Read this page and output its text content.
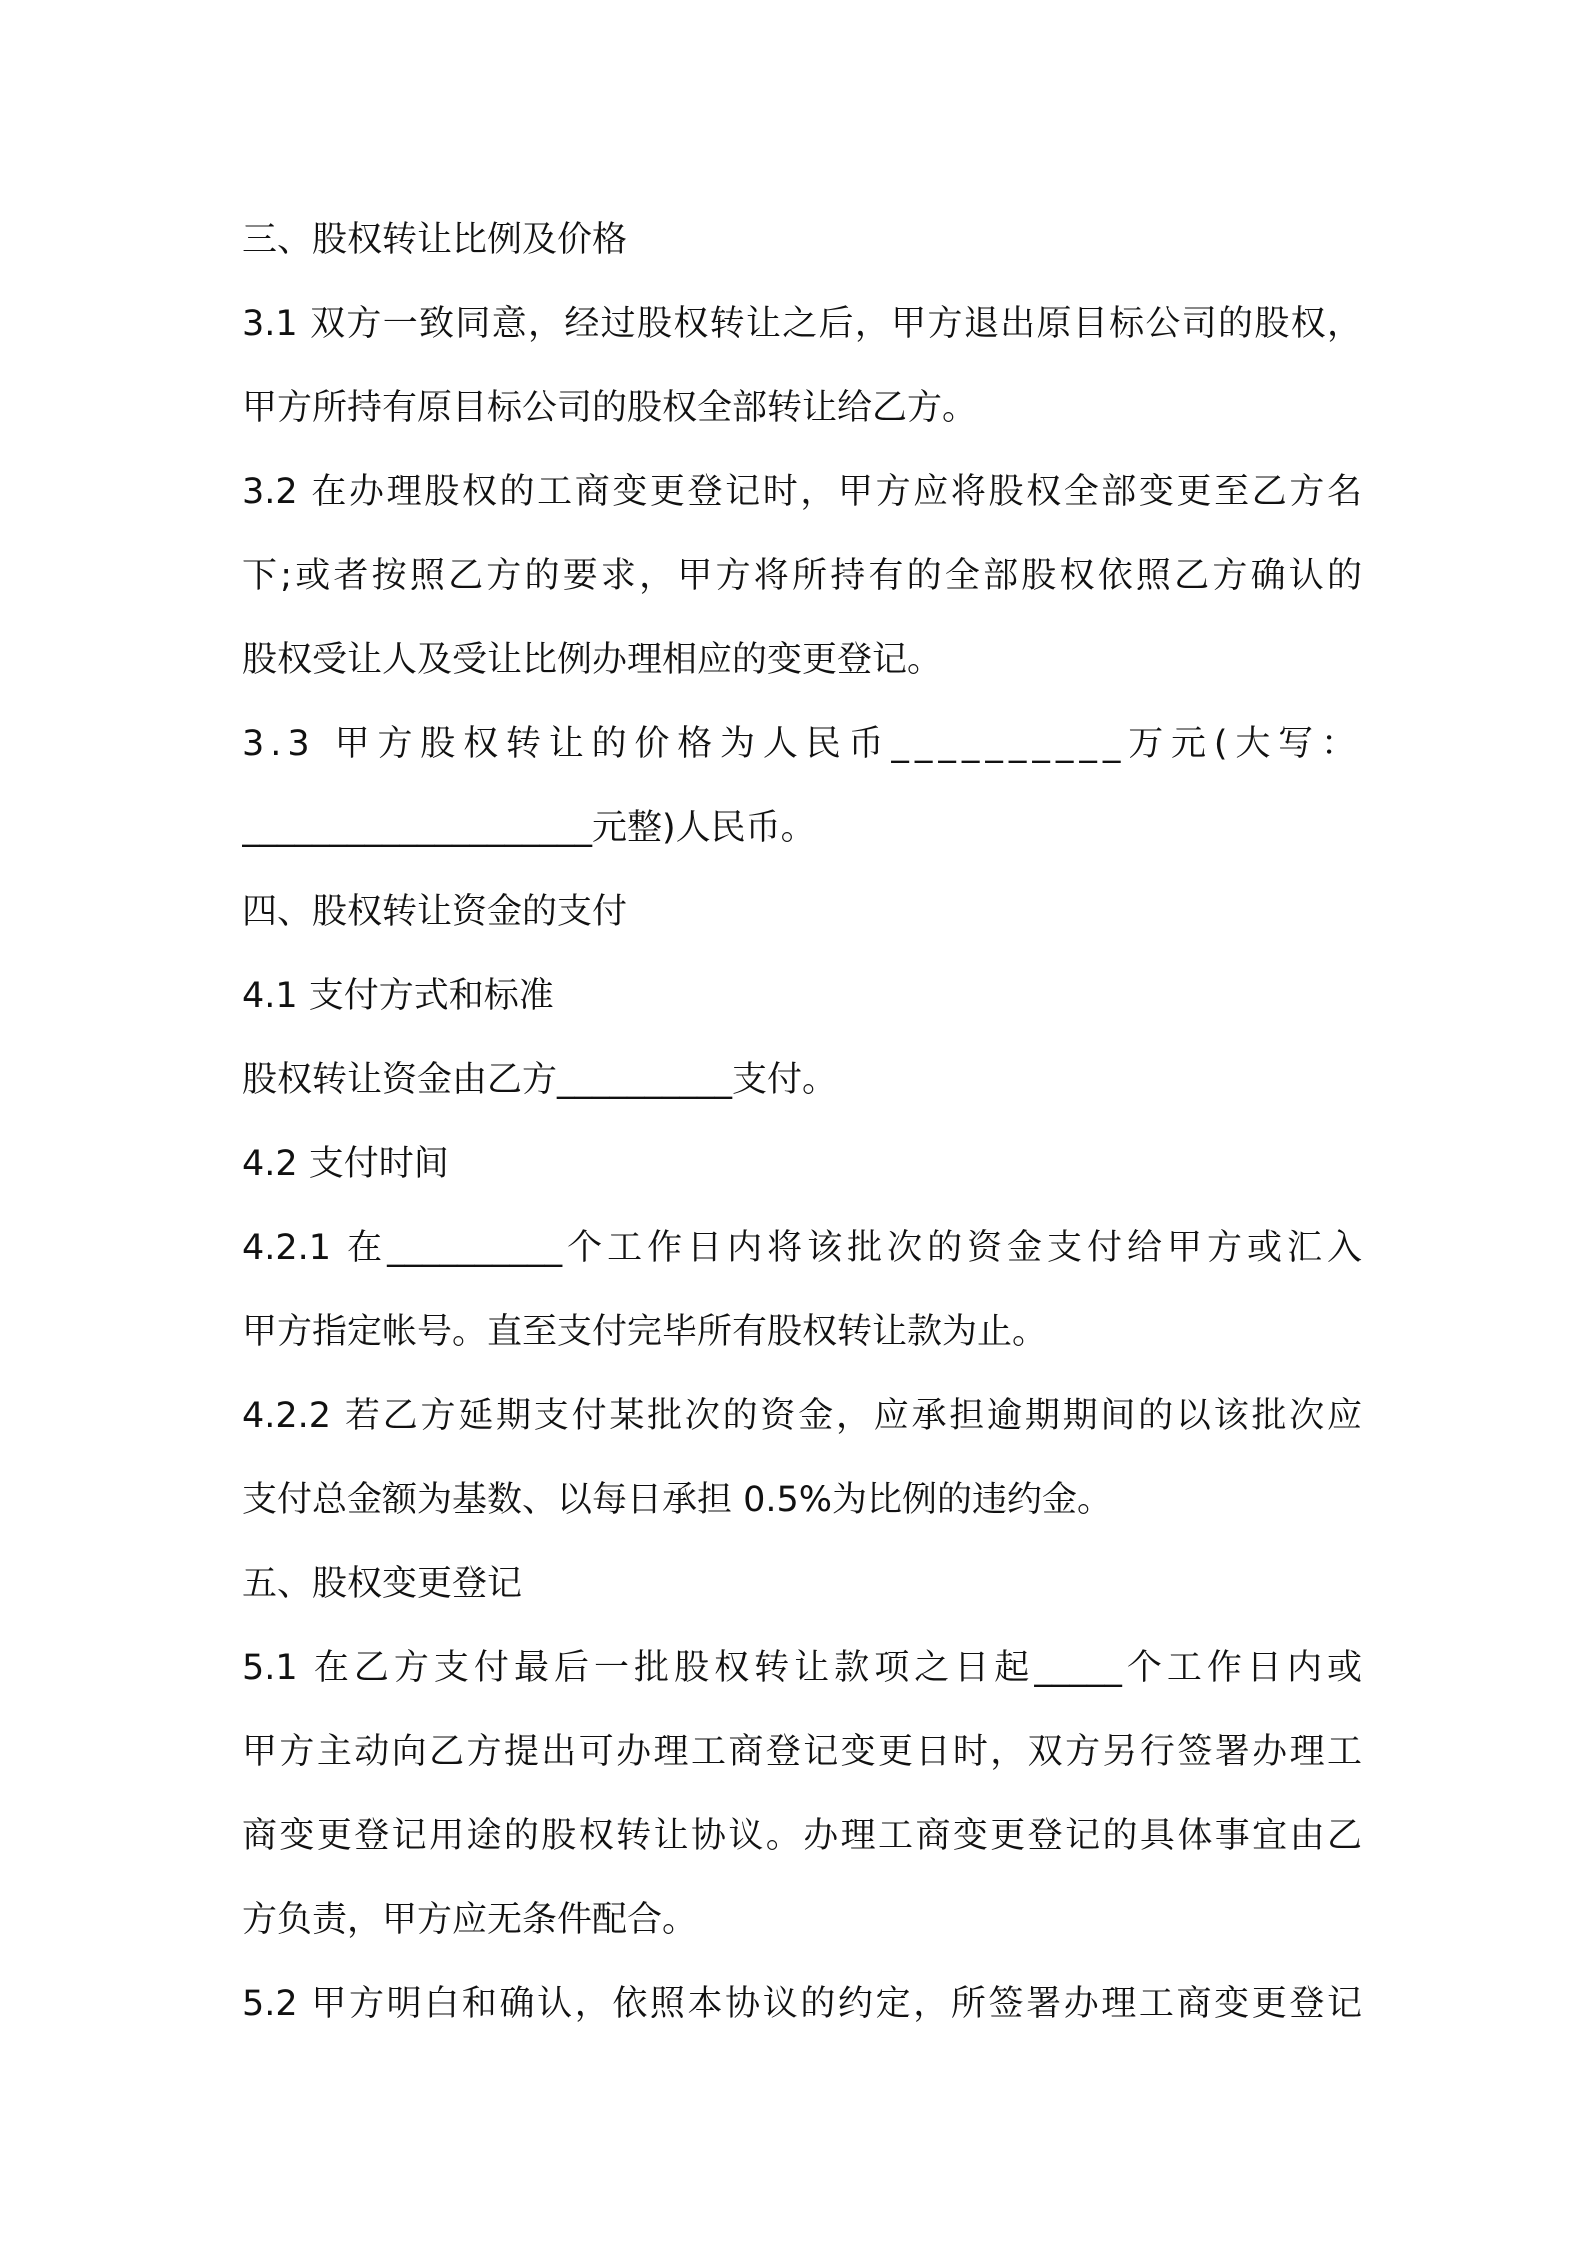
三、股权转让比例及价格
3.1 双方一致同意，经过股权转让之后，甲方退出原目标公司的股权，
甲方所持有原目标公司的股权全部转让给乙方。
3.2 在办理股权的工商变更登记时，甲方应将股权全部变更至乙方名
下;或者按照乙方的要求，甲方将所持有的全部股权依照乙方确认的
股权受让人及受让比例办理相应的变更登记。
3.3 甲方股权转让的价格为人民币__________万元(大写：
____________________元整)人民币。
四、股权转让资金的支付
4.1 支付方式和标准
股权转让资金由乙方__________支付。
4.2 支付时间
4.2.1 在__________个工作日内将该批次的资金支付给甲方或汇入
甲方指定帐号。直至支付完毕所有股权转让款为止。
4.2.2 若乙方延期支付某批次的资金，应承担逾期期间的以该批次应
支付总金额为基数、以每日承担 0.5%为比例的违约金。
五、股权变更登记
5.1 在乙方支付最后一批股权转让款项之日起_____个工作日内或
甲方主动向乙方提出可办理工商登记变更日时，双方另行签署办理工
商变更登记用途的股权转让协议。办理工商变更登记的具体事宜由乙
方负责，甲方应无条件配合。
5.2 甲方明白和确认，依照本协议的约定，所签署办理工商变更登记
